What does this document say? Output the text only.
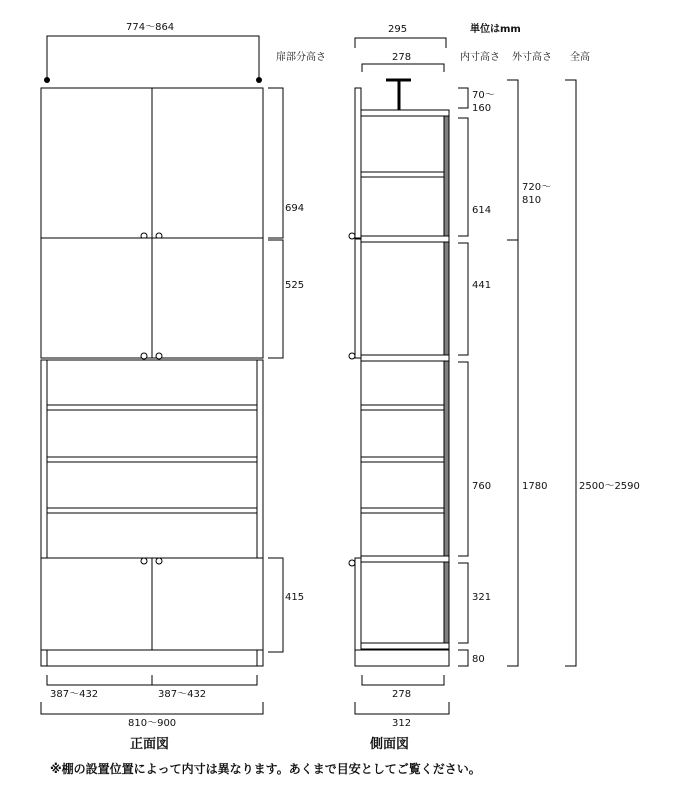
単位はmm
扉部分高さ	内寸高さ 外寸高さ 全高
774～864
694
525
415
387～432	387～432
810～900
正面図
295
278
70～
160
614
441
760
321
80
720～
810
1780	2500～2590
278
312
側面図
※棚の設置位置によって内寸は異なります。あくまで目安としてご覧ください。
